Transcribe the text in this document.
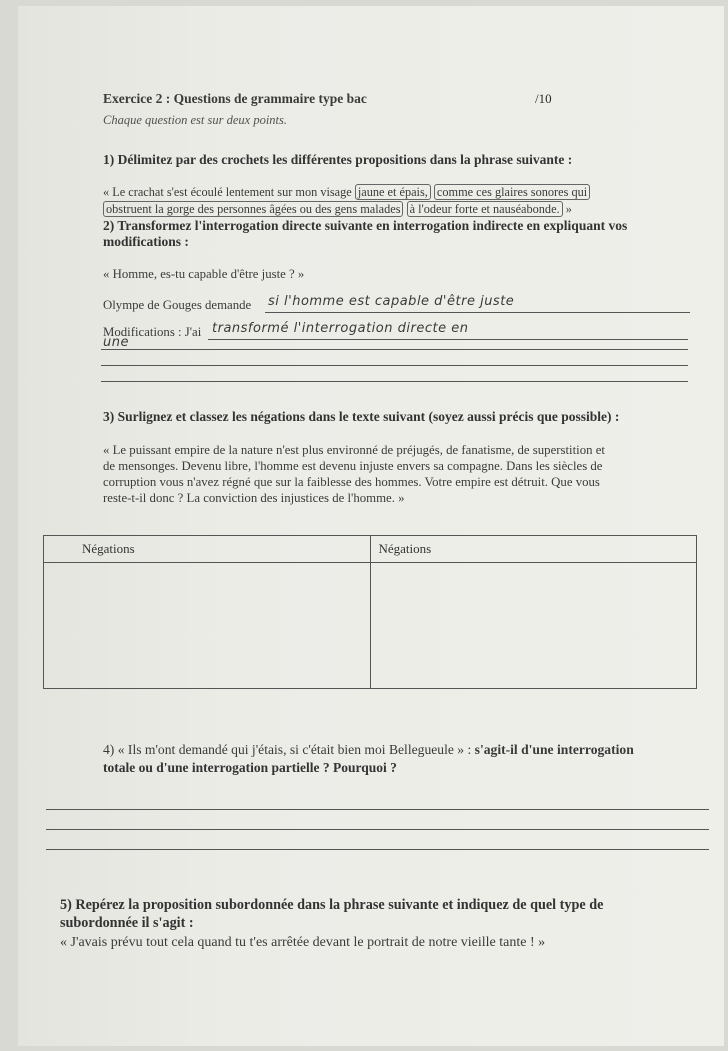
Exercice 2 : Questions de grammaire type bac	/10
Chaque question est sur deux points.
1) Délimitez par des crochets les différentes propositions dans la phrase suivante :
« Le crachat s'est écoulé lentement sur mon visage jaune et épais, comme ces glaires sonores qui
obstruent la gorge des personnes âgées ou des gens malades à l'odeur forte et nauséabonde. »
2) Transformez l'interrogation directe suivante en interrogation indirecte en expliquant vos
modifications :
« Homme, es-tu capable d'être juste ? »
Olympe de Gouges demande si l'homme est capable d'être juste
Modifications : J'ai transformé l'interrogation directe en
une
3) Surlignez et classez les négations dans le texte suivant (soyez aussi précis que possible) :
« Le puissant empire de la nature n'est plus environné de préjugés, de fanatisme, de superstition et
de mensonges. Devenu libre, l'homme est devenu injuste envers sa compagne. Dans les siècles de
corruption vous n'avez régné que sur la faiblesse des hommes. Votre empire est détruit. Que vous
reste-t-il donc ? La conviction des injustices de l'homme. »
Négations	Négations

4) « Ils m'ont demandé qui j'étais, si c'était bien moi Bellegueule » : s'agit-il d'une interrogation
totale ou d'une interrogation partielle ? Pourquoi ?
5) Repérez la proposition subordonnée dans la phrase suivante et indiquez de quel type de
subordonnée il s'agit :
« J'avais prévu tout cela quand tu t'es arrêtée devant le portrait de notre vieille tante ! »
